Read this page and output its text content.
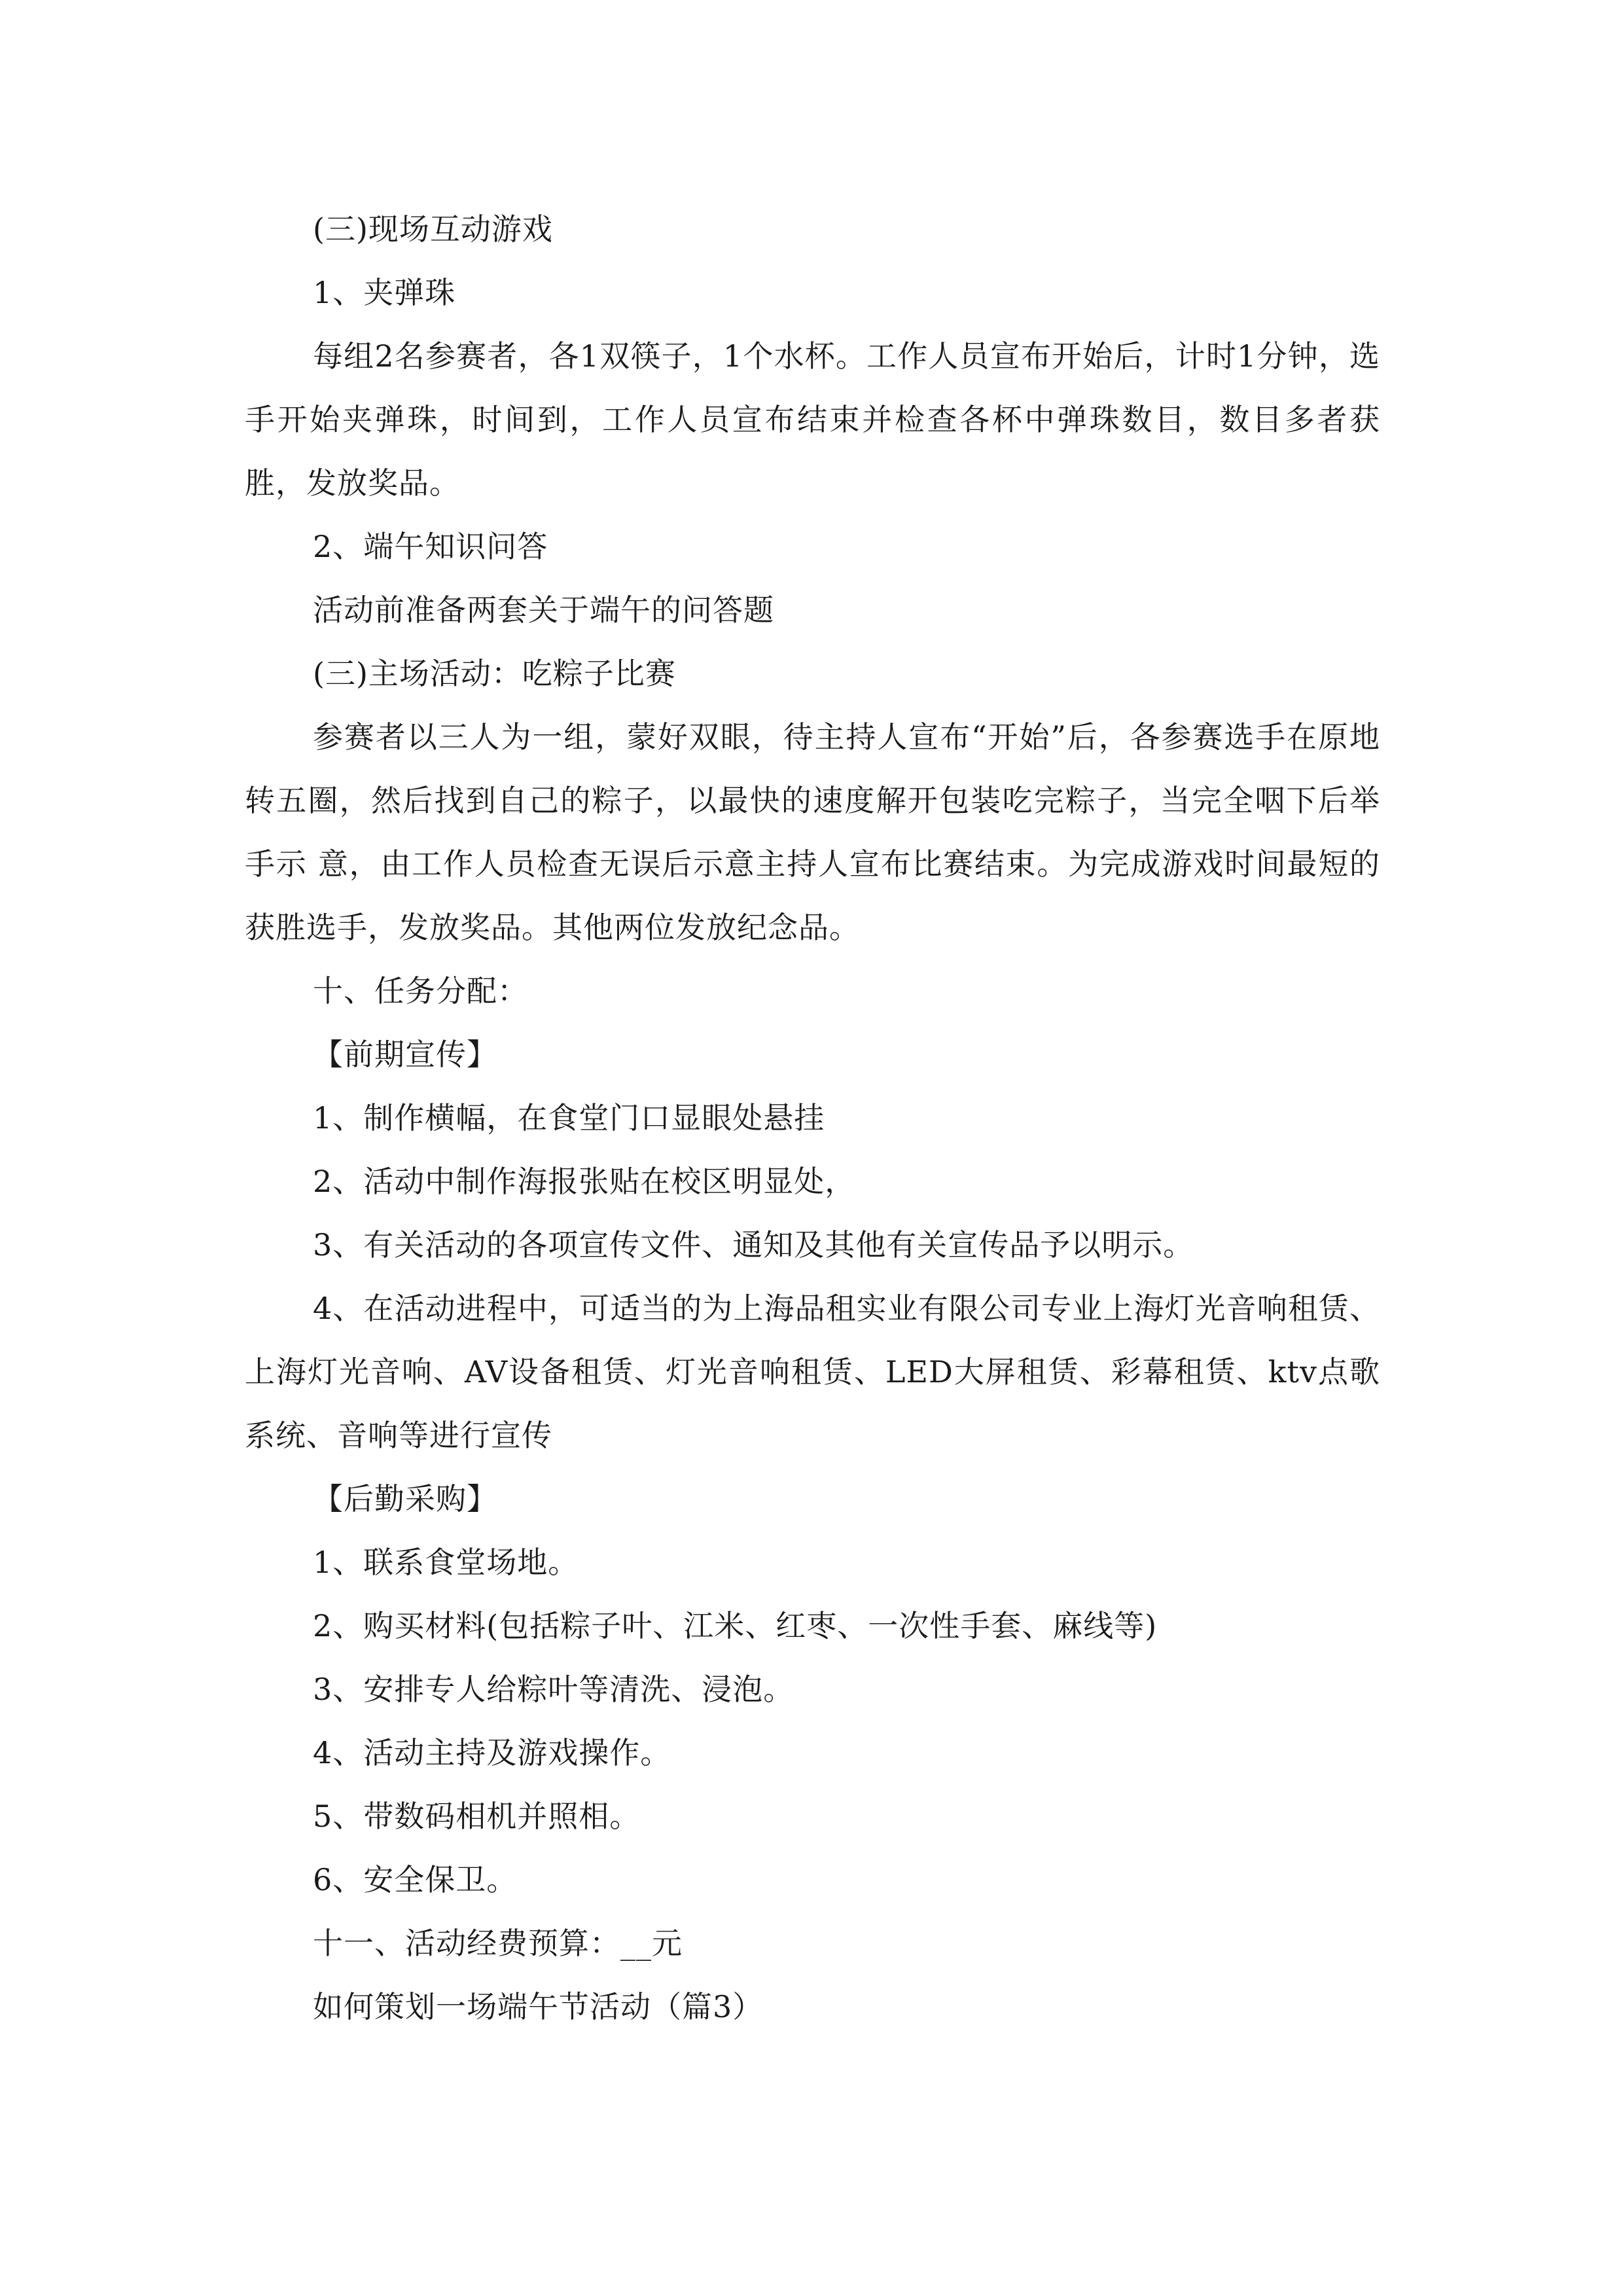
(三)现场互动游戏

1、夹弹珠

每组2名参赛者，各1双筷子，1个水杯。工作人员宣布开始后，计时1分钟，选手开始夹弹珠，时间到，工作人员宣布结束并检查各杯中弹珠数目，数目多者获胜，发放奖品。

2、端午知识问答

活动前准备两套关于端午的问答题

(三)主场活动：吃粽子比赛

参赛者以三人为一组，蒙好双眼，待主持人宣布“开始”后，各参赛选手在原地转五圈，然后找到自己的粽子，以最快的速度解开包装吃完粽子，当完全咽下后举手示 意，由工作人员检查无误后示意主持人宣布比赛结束。为完成游戏时间最短的获胜选手，发放奖品。其他两位发放纪念品。

十、任务分配：

【前期宣传】

1、制作横幅，在食堂门口显眼处悬挂

2、活动中制作海报张贴在校区明显处，

3、有关活动的各项宣传文件、通知及其他有关宣传品予以明示。

4、在活动进程中，可适当的为上海品租实业有限公司专业上海灯光音响租赁、上海灯光音响、AV设备租赁、灯光音响租赁、LED大屏租赁、彩幕租赁、ktv点歌系统、音响等进行宣传

【后勤采购】

1、联系食堂场地。

2、购买材料(包括粽子叶、江米、红枣、一次性手套、麻线等)

3、安排专人给粽叶等清洗、浸泡。

4、活动主持及游戏操作。

5、带数码相机并照相。

6、安全保卫。

十一、活动经费预算：__元

如何策划一场端午节活动（篇3）
